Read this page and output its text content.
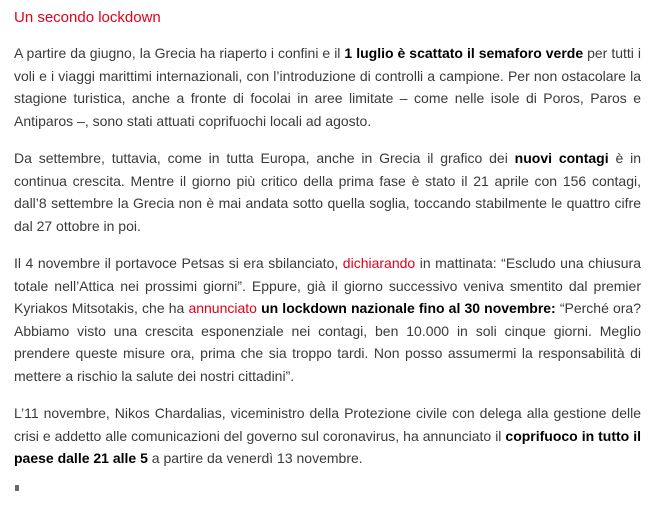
Un secondo lockdown

A partire da giugno, la Grecia ha riaperto i confini e il 1 luglio è scattato il semaforo verde per tutti i voli e i viaggi marittimi internazionali, con l’introduzione di controlli a campione. Per non ostacolare la stagione turistica, anche a fronte di focolai in aree limitate – come nelle isole di Poros, Paros e Antiparos –, sono stati attuati coprifuochi locali ad agosto.

Da settembre, tuttavia, come in tutta Europa, anche in Grecia il grafico dei nuovi contagi è in continua crescita. Mentre il giorno più critico della prima fase è stato il 21 aprile con 156 contagi, dall’8 settembre la Grecia non è mai andata sotto quella soglia, toccando stabilmente le quattro cifre dal 27 ottobre in poi.

Il 4 novembre il portavoce Petsas si era sbilanciato, dichiarando in mattinata: “Escludo una chiusura totale nell’Attica nei prossimi giorni”. Eppure, già il giorno successivo veniva smentito dal premier Kyriakos Mitsotakis, che ha annunciato un lockdown nazionale fino al 30 novembre: “Perché ora? Abbiamo visto una crescita esponenziale nei contagi, ben 10.000 in soli cinque giorni. Meglio prendere queste misure ora, prima che sia troppo tardi. Non posso assumermi la responsabilità di mettere a rischio la salute dei nostri cittadini”.

L’11 novembre, Nikos Chardalias, viceministro della Protezione civile con delega alla gestione delle crisi e addetto alle comunicazioni del governo sul coronavirus, ha annunciato il coprifuoco in tutto il paese dalle 21 alle 5 a partire da venerdì 13 novembre.
